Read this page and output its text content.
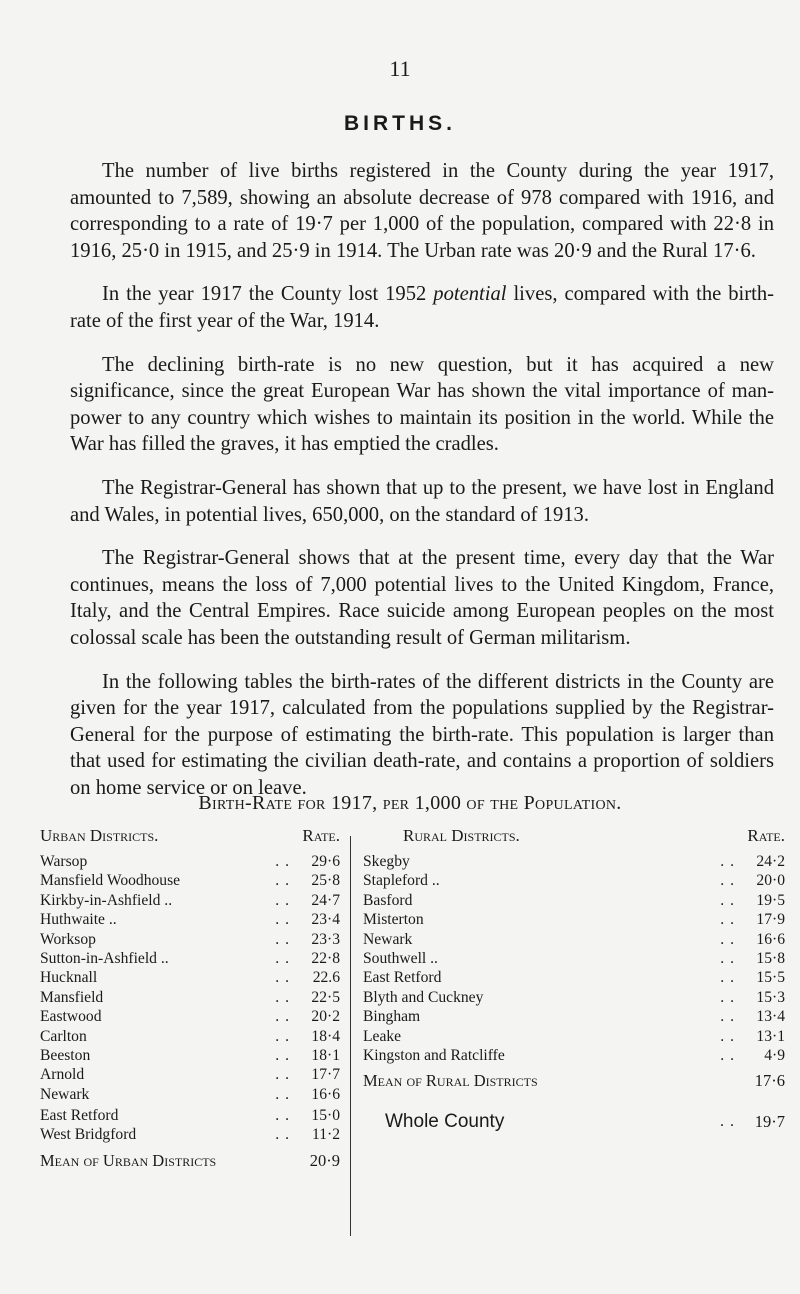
11
BIRTHS.

The number of live births registered in the County during the year 1917, amounted to 7,589, showing an absolute decrease of 978 compared with 1916, and corresponding to a rate of 19·7 per 1,000 of the population, compared with 22·8 in 1916, 25·0 in 1915, and 25·9 in 1914. The Urban rate was 20·9 and the Rural 17·6.

In the year 1917 the County lost 1952 potential lives, compared with the birth-rate of the first year of the War, 1914.

The declining birth-rate is no new question, but it has acquired a new significance, since the great European War has shown the vital importance of man-power to any country which wishes to maintain its position in the world. While the War has filled the graves, it has emptied the cradles.

The Registrar-General has shown that up to the present, we have lost in England and Wales, in potential lives, 650,000, on the standard of 1913.

The Registrar-General shows that at the present time, every day that the War continues, means the loss of 7,000 potential lives to the United Kingdom, France, Italy, and the Central Empires. Race suicide among European peoples on the most colossal scale has been the outstanding result of German militarism.

In the following tables the birth-rates of the different districts in the County are given for the year 1917, calculated from the populations supplied by the Registrar-General for the purpose of estimating the birth-rate. This population is larger than that used for estimating the civilian death-rate, and contains a proportion of soldiers on home service or on leave.

Birth-Rate for 1917, per 1,000 of the Population.
Urban Districts.	Rate.
. .
Warsop	29·6
. .
Mansfield Woodhouse	25·8
. .
Kirkby-in-Ashfield ..	24·7
. .
Huthwaite ..	23·4
. .
Worksop	23·3
. .
Sutton-in-Ashfield ..	22·8
. .
Hucknall	22.6
. .
Mansfield	22·5
. .
Eastwood	20·2
. .
Carlton	18·4
. .
Beeston	18·1
. .
Arnold	17·7
. .
Newark	16·6
. .
East Retford	15·0
. .
West Bridgford	11·2
Mean of Urban Districts	20·9
Rural Districts.	Rate.
. .
Skegby	24·2
. .
Stapleford ..	20·0
. .
Basford	19·5
. .
Misterton	17·9
. .
Newark	16·6
. .
Southwell ..	15·8
. .
East Retford	15·5
. .
Blyth and Cuckney	15·3
. .
Bingham	13·4
. .
Leake	13·1
. .
Kingston and Ratcliffe	4·9
Mean of Rural Districts	17·6
Whole County	. . 19·7
